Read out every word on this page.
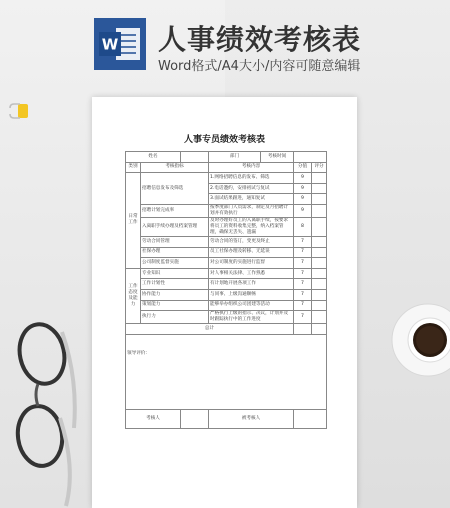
W 人事绩效考核表
Word格式/A4大小/内容可随意编辑
人事专员绩效考核表
姓名			部门	考核时间		
类别	考核指标		考核内容		分值	评分
日常工作	招聘信息发布及筛选		1.网络招聘信息的发布、筛选		9	
			2.电话邀约，安排初试与复试		9	
			3.面试结果跟进，通知复试		9	
	招聘计划完成率		按季度部门人员需求，制定及月招聘计划并有效执行		9	
	入离职手续办理及档案管理		及时办理好员工的入离职手续，按要求将员工的资料收集完整，纳入档案管理，确保无丢失、遗漏		8	
	劳动合同管理		劳动合同的签订，变更及终止		7	
	社保办理		员工社保办理及转移、无延误		7	
	公司制度监督实施		对公司制度的实施进行监督		7	
工作态度及能力	专业知识		对人事相关法律、工作熟悉		7	
	工作计划性		有计划地开展各项工作		7	
	协作能力		与同事、上级沟通顺畅		7	
	策划能力		能够举办组织公司团建等活动		7	
	执行力		严格执行上级的指示、决议，计划并及时跟踪执行中的工作进度		7	
总计						
领导评价：						
考核人			被考核人			
